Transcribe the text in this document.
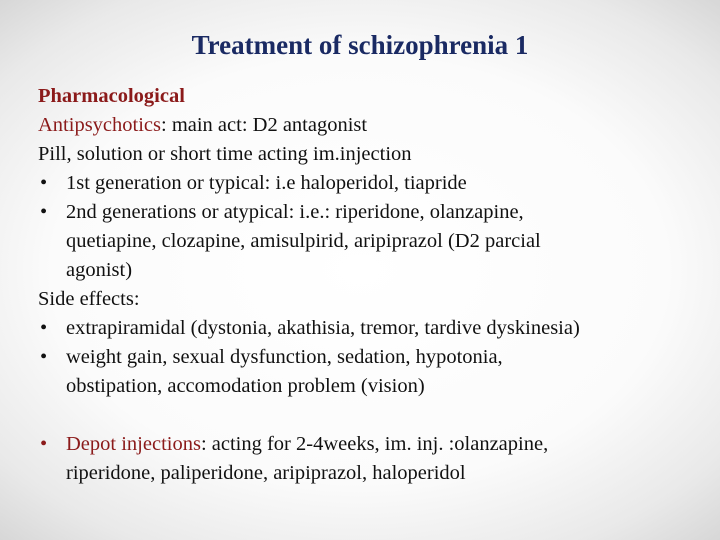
Treatment of schizophrenia 1
Pharmacological
Antipsychotics: main act: D2 antagonist
Pill, solution or short time acting im.injection
• 1st generation or typical: i.e haloperidol, tiapride
• 2nd generations or atypical: i.e.: riperidone, olanzapine,
quetiapine, clozapine, amisulpirid, aripiprazol (D2 parcial
agonist)
Side effects:
• extrapiramidal (dystonia, akathisia, tremor, tardive dyskinesia)
• weight gain, sexual dysfunction, sedation, hypotonia,
obstipation, accomodation problem (vision)
• Depot injections: acting for 2-4weeks, im. inj. :olanzapine,
riperidone, paliperidone, aripiprazol, haloperidol
